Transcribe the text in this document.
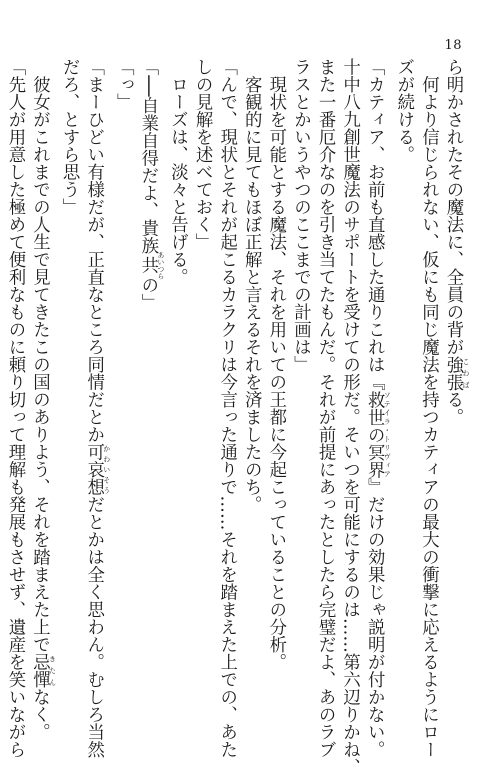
18
ら明かされたその魔法に、全員の背が強張 こわばる。
　何より信じられない、仮にも同じ魔法を持つカティアの最大の衝撃に応えるようにロー
ズが続ける。
「カティア、お前も直感した通りこれは『救世の冥界 ソテイラ・トリヴィア』だけの効果じゃ説明が付かない。
十中八九創世魔法のサポートを受けての形だ。そいつを可能にするのは……第六辺りかね、
また一番厄介なのを引き当てたもんだ。それが前提にあったとしたら完璧だよ、あのラブ
ラスとかいうやつのここまでの計画は」
　現状を可能とする魔法、それを用いての王都に今起こっていることの分析。
　客観的に見てもほぼ正解と言えるそれを済ましたのち。
「んで、現状とそれが起こるカラクリは今言った通りで……それを踏まえた上での、あた
しの見解を述べておく」
　ローズは、淡々と告げる。
「──自業自得だよ、貴族共 あいつらの」
「っ」
「まーひどい有様だが、正直なところ同情だとか可哀想 かわいそうだとかは全く思わん。むしろ当然
だろ、とすら思う」
　彼女がこれまでの人生で見てきたこの国のありよう、それを踏まえた上で忌憚 きたんなく。
「先人が用意した極めて便利なものに頼り切って理解も発展もさせず、遺産を笑いながら
